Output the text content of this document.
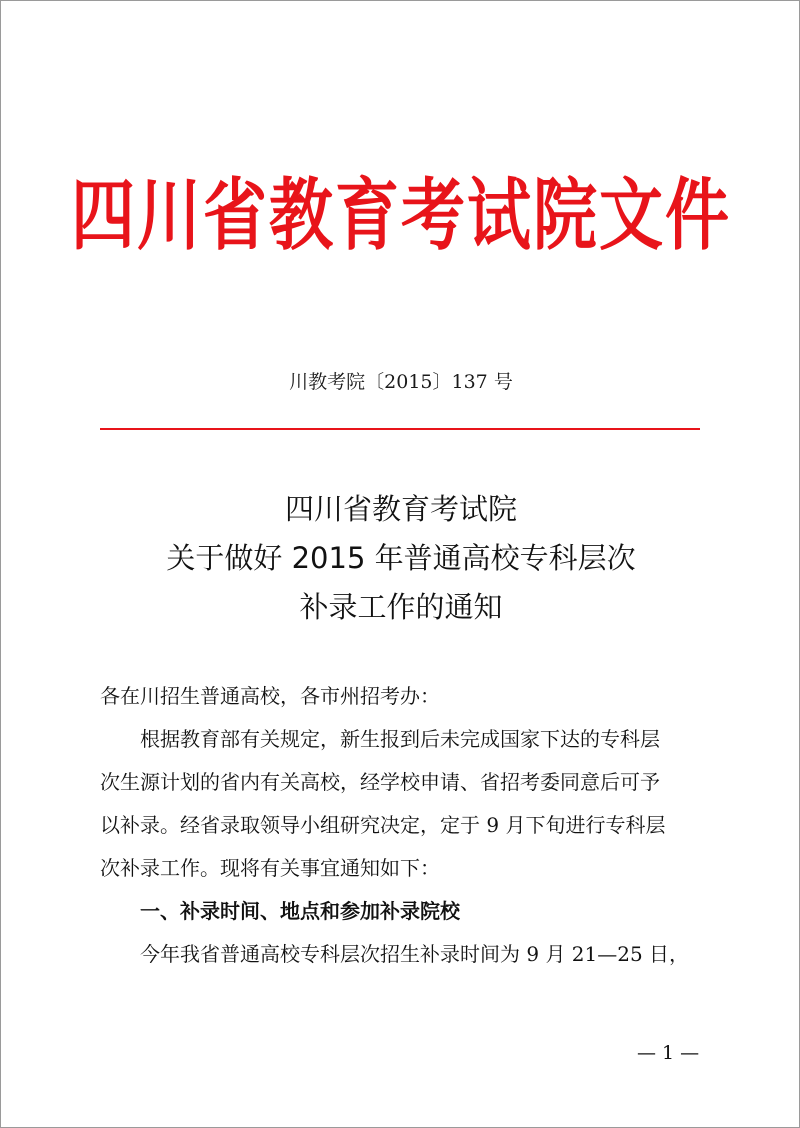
四川省教育考试院文件
川教考院〔2015〕137 号
四川省教育考试院
关于做好 2015 年普通高校专科层次
补录工作的通知
各在川招生普通高校，各市州招考办：
根据教育部有关规定，新生报到后未完成国家下达的专科层
次生源计划的省内有关高校，经学校申请、省招考委同意后可予
以补录。经省录取领导小组研究决定，定于 9 月下旬进行专科层
次补录工作。现将有关事宜通知如下：
一、补录时间、地点和参加补录院校
今年我省普通高校专科层次招生补录时间为 9 月 21—25 日，
— 1 —
